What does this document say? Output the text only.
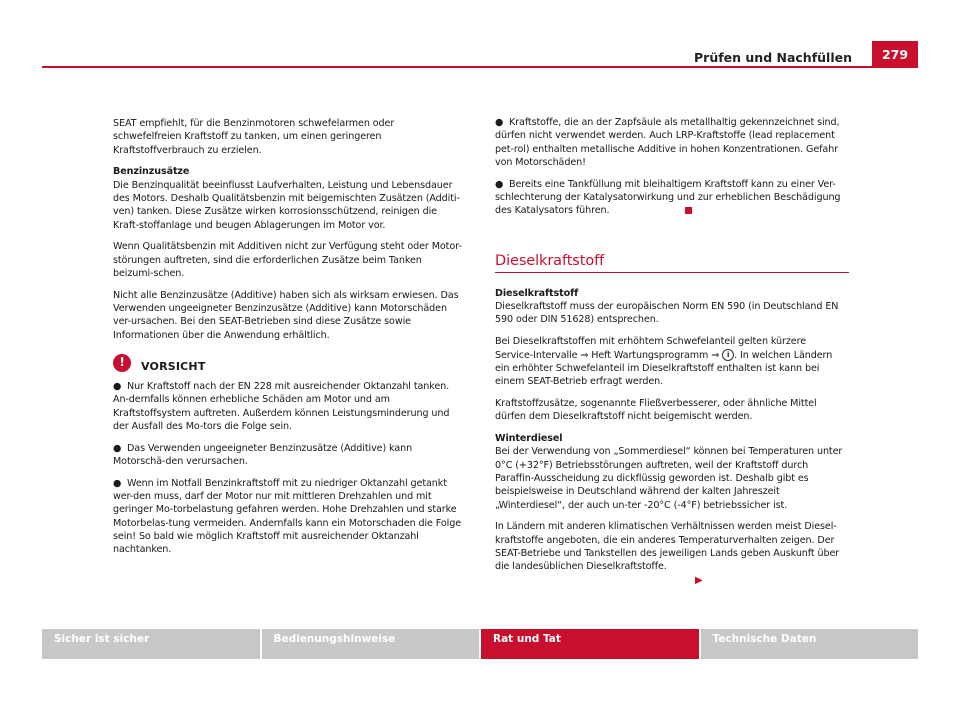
Prüfen und Nachfüllen	279

SEAT empfiehlt, für die Benzinmotoren schwefelarmen oder schwefelfreien Kraftstoff zu tanken, um einen geringeren Kraftstoffverbrauch zu erzielen.

Benzinzusätze

Die Benzinqualität beeinflusst Laufverhalten, Leistung und Lebensdauer des Motors. Deshalb Qualitätsbenzin mit beigemischten Zusätzen (Additi-ven) tanken. Diese Zusätze wirken korrosionsschützend, reinigen die Kraft-stoffanlage und beugen Ablagerungen im Motor vor.

Wenn Qualitätsbenzin mit Additiven nicht zur Verfügung steht oder Motor-störungen auftreten, sind die erforderlichen Zusätze beim Tanken beizumi-schen.

Nicht alle Benzinzusätze (Additive) haben sich als wirksam erwiesen. Das Verwenden ungeeigneter Benzinzusätze (Additive) kann Motorschäden ver-ursachen. Bei den SEAT-Betrieben sind diese Zusätze sowie Informationen über die Anwendung erhältlich.

!	VORSICHT
● Nur Kraftstoff nach der EN 228 mit ausreichender Oktanzahl tanken. An-dernfalls können erhebliche Schäden am Motor und am Kraftstoffsystem auftreten. Außerdem können Leistungsminderung und der Ausfall des Mo-tors die Folge sein.
● Das Verwenden ungeeigneter Benzinzusätze (Additive) kann Motorschä-den verursachen.
● Wenn im Notfall Benzinkraftstoff mit zu niedriger Oktanzahl getankt wer-den muss, darf der Motor nur mit mittleren Drehzahlen und mit geringer Mo-torbelastung gefahren werden. Hohe Drehzahlen und starke Motorbelas-tung vermeiden. Andernfalls kann ein Motorschaden die Folge sein! So bald wie möglich Kraftstoff mit ausreichender Oktanzahl nachtanken.
● Kraftstoffe, die an der Zapfsäule als metallhaltig gekennzeichnet sind, dürfen nicht verwendet werden. Auch LRP-Kraftstoffe (lead replacement pet-rol) enthalten metallische Additive in hohen Konzentrationen. Gefahr von Motorschäden!
● Bereits eine Tankfüllung mit bleihaltigem Kraftstoff kann zu einer Ver-schlechterung der Katalysatorwirkung und zur erheblichen Beschädigung des Katalysators führen.
Dieselkraftstoff

Dieselkraftstoff

Dieselkraftstoff muss der europäischen Norm EN 590 (in Deutschland EN 590 oder DIN 51628) entsprechen.

Bei Dieselkraftstoffen mit erhöhtem Schwefelanteil gelten kürzere Service-Intervalle ⇒ Heft Wartungsprogramm ⇒ i . In welchen Ländern ein erhöhter Schwefelanteil im Dieselkraftstoff enthalten ist kann bei einem SEAT-Betrieb erfragt werden.

Kraftstoffzusätze, sogenannte Fließverbesserer, oder ähnliche Mittel dürfen dem Dieselkraftstoff nicht beigemischt werden.

Winterdiesel

Bei der Verwendung von „Sommerdiesel“ können bei Temperaturen unter 0°C (+32°F) Betriebsstörungen auftreten, weil der Kraftstoff durch Paraffin-Ausscheidung zu dickflüssig geworden ist. Deshalb gibt es beispielsweise in Deutschland während der kalten Jahreszeit „Winterdiesel“, der auch un-ter -20°C (-4°F) betriebssicher ist.

In Ländern mit anderen klimatischen Verhältnissen werden meist Diesel-kraftstoffe angeboten, die ein anderes Temperaturverhalten zeigen. Der SEAT-Betriebe und Tankstellen des jeweiligen Lands geben Auskunft über die landesüblichen Dieselkraftstoffe.▶

Sicher ist sicher	Bedienungshinweise	Rat und Tat	Technische Daten
